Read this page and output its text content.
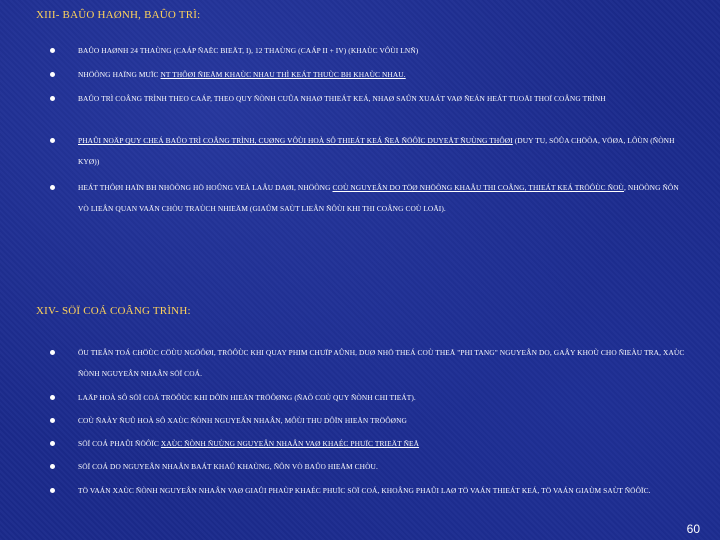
XIII- BAÛO HAØNH, BAÛO TRÌ:
BAÛO HAØNH 24 THAÙNG (CAÁP ÑAËC BIEÄT, I), 12 THAÙNG (CAÁP II + IV) (KHAÙC VÔÙI LNÑ)
NHÖÕNG HAÏNG MUÏC NT THÔØI ÑIEÅM KHAÙC NHAU THÌ KEÁT THUÙC BH KHAÙC NHAU.
BAÛO TRÌ COÂNG TRÌNH THEO CAÁP, THEO QUY ÑÒNH CUÛA NHAØ THIEÁT KEÁ, NHAØ SAÛN XUAÁT VAØ ÑEÁN HEÁT TUOÅI THOÏ COÂNG TRÌNH
PHAÛI NOÄP QUY CHEÁ BAÛO TRÌ COÂNG TRÌNH, CUØNG VÔÙI HOÀ SÔ THIEÁT KEÁ ÑEÅ ÑÖÔÏC DUYEÄT ÑUÙNG THÔØI (DUY TU, SÖÛA CHÖÕA, VÖØA, LÔÙN (ÑÒNH KYØ))
HEÁT THÔØI HAÏN BH NHÖÕNG HÖ HOÛNG VEÀ LAÂU DAØI, NHÖÕNG COÙ NGUYEÂN DO TÖØ NHÖÕNG KHAÂU THI COÂNG, THIEÁT KEÁ TRÖÔÙC ÑOÙ, NHÖÕNG ÑÔN VÒ LIEÂN QUAN VAÃN CHÒU TRAÙCH NHIEÄM (GIAÛM SAÙT LIEÂN ÑÔÙI KHI THI COÂNG COÙ LOÃI).
XIV- SÖÏ COÁ COÂNG TRÌNH:
ÖU TIEÂN TOÁ CHÖÙC CÖÙU NGÖÔØI, TRÖÔÙC KHI QUAY PHIM CHUÏP AÛNH, DUØ NHÖ THEÁ COÙ THEÅ "PHI TANG" NGUYEÂN DO, GAÂY KHOÙ CHO ÑIEÀU TRA, XAÙC ÑÒNH NGUYEÂN NHAÂN SÖÏ COÁ.
LAÄP HOÀ SÔ SÖÏ COÁ TRÖÔÙC KHI DÔÏN HIEÄN TRÖÔØNG (ÑAÕ COÙ QUY ÑÒNH CHI TIEÁT).
COÙ ÑAÀY ÑUÛ HOÀ SÔ XAÙC ÑÒNH NGUYEÂN NHAÂN, MÔÙI THU DÔÏN HIEÄN TRÖÔØNG
SÖÏ COÁ PHAÛI ÑÖÔÏC XAÙC ÑÒNH ÑUÙNG NGUYEÂN NHAÂN VAØ KHAÉC PHUÏC TRIEÄT ÑEÅ
SÖÏ COÁ DO NGUYEÂN NHAÂN BAÁT KHAÛ KHAÙNG, ÑÔN VÒ BAÛO HIEÅM CHÒU.
TÖ VAÁN XAÙC ÑÒNH NGUYEÂN NHAÂN VAØ GIAÛI PHAÙP KHAÉC PHUÏC SÖÏ COÁ, KHOÂNG PHAÛI LAØ TÖ VAÁN THIEÁT KEÁ, TÖ VAÁN GIAÙM SAÙT ÑÖÔÏC.
60
